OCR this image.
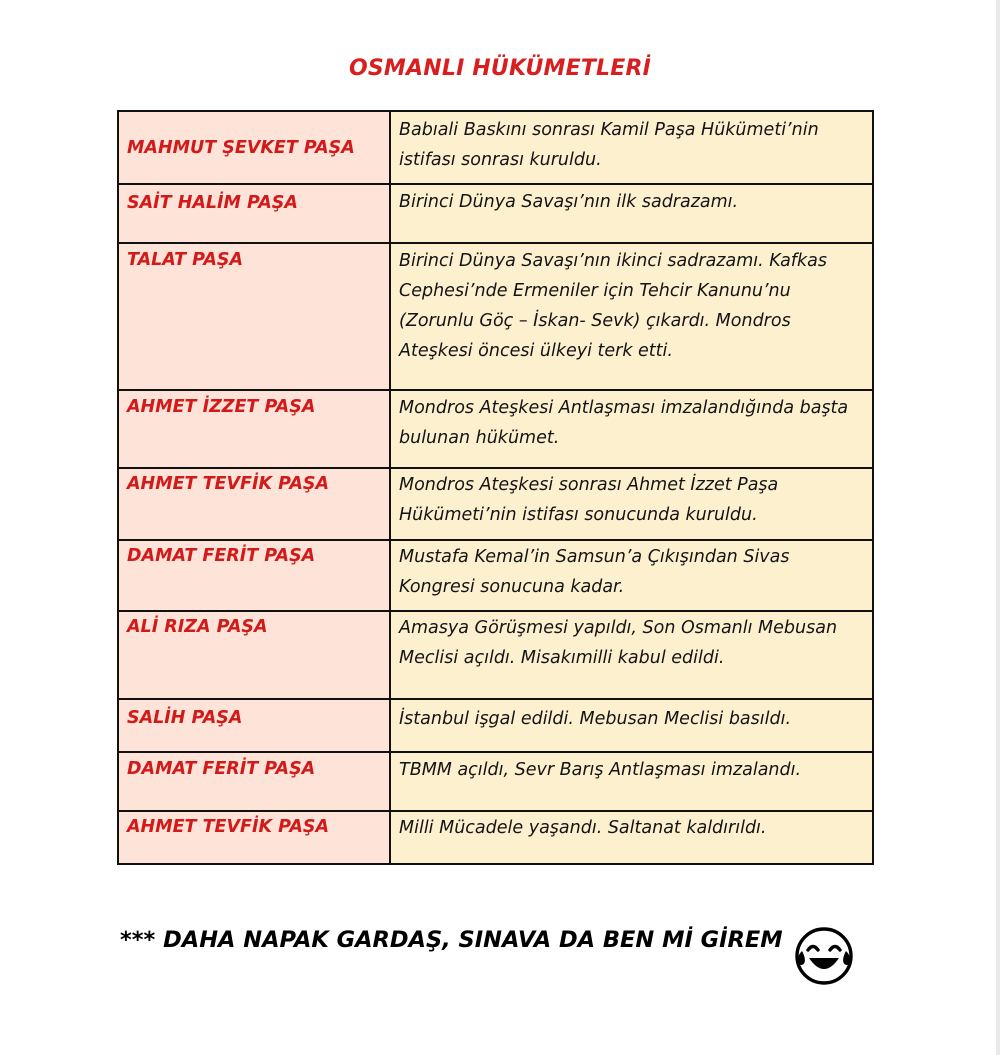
OSMANLI HÜKÜMETLERİ
MAHMUT ŞEVKET PAŞA	Babıali Baskını sonrası Kamil Paşa Hükümeti’nin istifası sonrası kuruldu.
SAİT HALİM PAŞA	Birinci Dünya Savaşı’nın ilk sadrazamı.
TALAT PAŞA	Birinci Dünya Savaşı’nın ikinci sadrazamı. Kafkas Cephesi’nde Ermeniler için Tehcir Kanunu’nu (Zorunlu Göç – İskan- Sevk) çıkardı. Mondros Ateşkesi öncesi ülkeyi terk etti.
AHMET İZZET PAŞA	Mondros Ateşkesi Antlaşması imzalandığında başta bulunan hükümet.
AHMET TEVFİK PAŞA	Mondros Ateşkesi sonrası Ahmet İzzet Paşa Hükümeti’nin istifası sonucunda kuruldu.
DAMAT FERİT PAŞA	Mustafa Kemal’in Samsun’a Çıkışından Sivas Kongresi sonucuna kadar.
ALİ RIZA PAŞA	Amasya Görüşmesi yapıldı, Son Osmanlı Mebusan Meclisi açıldı. Misakımilli kabul edildi.
SALİH PAŞA	İstanbul işgal edildi. Mebusan Meclisi basıldı.
DAMAT FERİT PAŞA	TBMM açıldı, Sevr Barış Antlaşması imzalandı.
AHMET TEVFİK PAŞA	Milli Mücadele yaşandı. Saltanat kaldırıldı.
*** DAHA NAPAK GARDAŞ, SINAVA DA BEN Mİ GİREM
